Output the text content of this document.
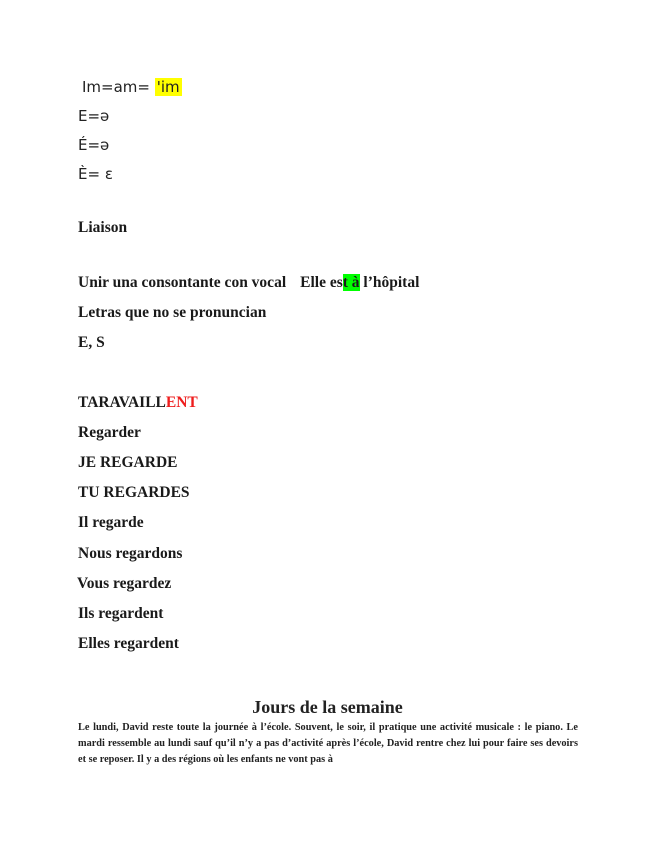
Im=am= 'im
E=ə
É=ə
È= ε
Liaison
Unir una consontante con vocal Elle est à l’hôpital
Letras que no se pronuncian
E, S
TARAVAILLENT
Regarder
JE REGARDE
TU REGARDES
Il regarde
Nous regardons
Vous regardez
Ils regardent
Elles regardent
Jours de la semaine
Le lundi, David reste toute la journée à l’école. Souvent, le soir, il pratique une activité musicale : le piano. Le mardi ressemble au lundi sauf qu’il n’y a pas d’activité après l’école, David rentre chez lui pour faire ses devoirs et se reposer. Il y a des régions où les enfants ne vont pas à
